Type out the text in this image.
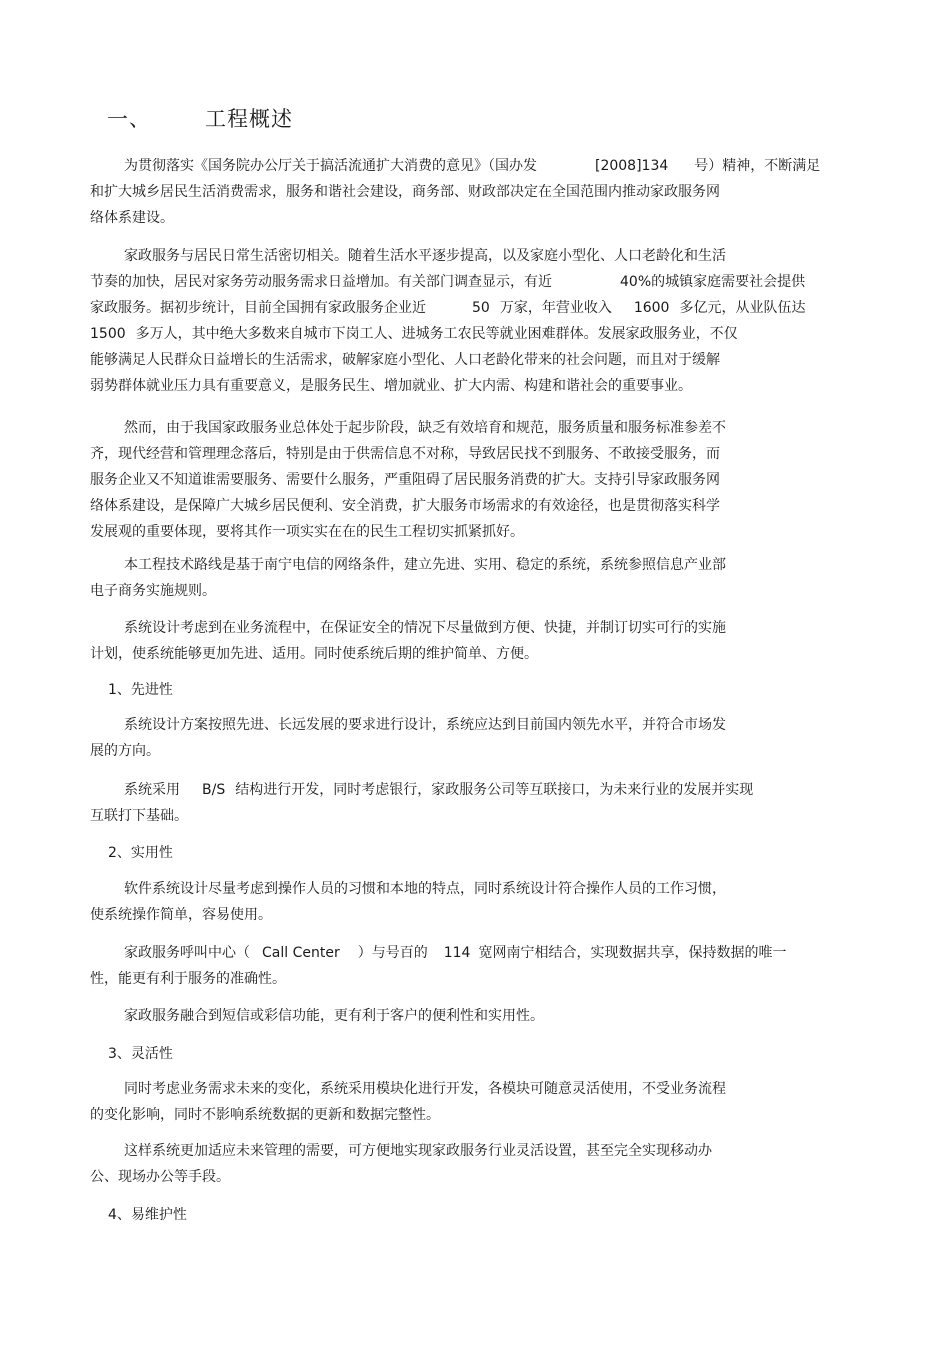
一、	工程概述
为贯彻落实《国务院办公厅关于搞活流通扩大消费的意见》（国办发	[2008]134 号）精神，不断满足
和扩大城乡居民生活消费需求，服务和谐社会建设，商务部、财政部决定在全国范围内推动家政服务网
络体系建设。
家政服务与居民日常生活密切相关。随着生活水平逐步提高，以及家庭小型化、人口老龄化和生活
节奏的加快，居民对家务劳动服务需求日益增加。有关部门调查显示，有近	40%的城镇家庭需要社会提供
家政服务。据初步统计，目前全国拥有家政服务企业近	50 万家，年营业收入 1600 多亿元，从业队伍达
1500 多万人，其中绝大多数来自城市下岗工人、进城务工农民等就业困难群体。发展家政服务业，不仅
能够满足人民群众日益增长的生活需求，破解家庭小型化、人口老龄化带来的社会问题，而且对于缓解
弱势群体就业压力具有重要意义，是服务民生、增加就业、扩大内需、构建和谐社会的重要事业。
然而，由于我国家政服务业总体处于起步阶段，缺乏有效培育和规范，服务质量和服务标准参差不
齐，现代经营和管理理念落后，特别是由于供需信息不对称，导致居民找不到服务、不敢接受服务，而
服务企业又不知道谁需要服务、需要什么服务，严重阻碍了居民服务消费的扩大。支持引导家政服务网
络体系建设，是保障广大城乡居民便利、安全消费，扩大服务市场需求的有效途径，也是贯彻落实科学
发展观的重要体现，要将其作一项实实在在的民生工程切实抓紧抓好。
本工程技术路线是基于南宁电信的网络条件，建立先进、实用、稳定的系统，系统参照信息产业部
电子商务实施规则。
系统设计考虑到在业务流程中，在保证安全的情况下尽量做到方便、快捷，并制订切实可行的实施
计划，使系统能够更加先进、适用。同时使系统后期的维护简单、方便。
1、先进性
系统设计方案按照先进、长远发展的要求进行设计，系统应达到目前国内领先水平，并符合市场发
展的方向。
系统采用 B/S 结构进行开发，同时考虑银行，家政服务公司等互联接口，为未来行业的发展并实现
互联打下基础。
2、实用性
软件系统设计尽量考虑到操作人员的习惯和本地的特点，同时系统设计符合操作人员的工作习惯，
使系统操作简单，容易使用。
家政服务呼叫中心（ Call Center ）与号百的 114 宽网南宁相结合，实现数据共享，保持数据的唯一
性，能更有利于服务的准确性。
家政服务融合到短信或彩信功能，更有利于客户的便利性和实用性。
3、灵活性
同时考虑业务需求未来的变化，系统采用模块化进行开发，各模块可随意灵活使用，不受业务流程
的变化影响，同时不影响系统数据的更新和数据完整性。
这样系统更加适应未来管理的需要，可方便地实现家政服务行业灵活设置，甚至完全实现移动办
公、现场办公等手段。
4、易维护性
